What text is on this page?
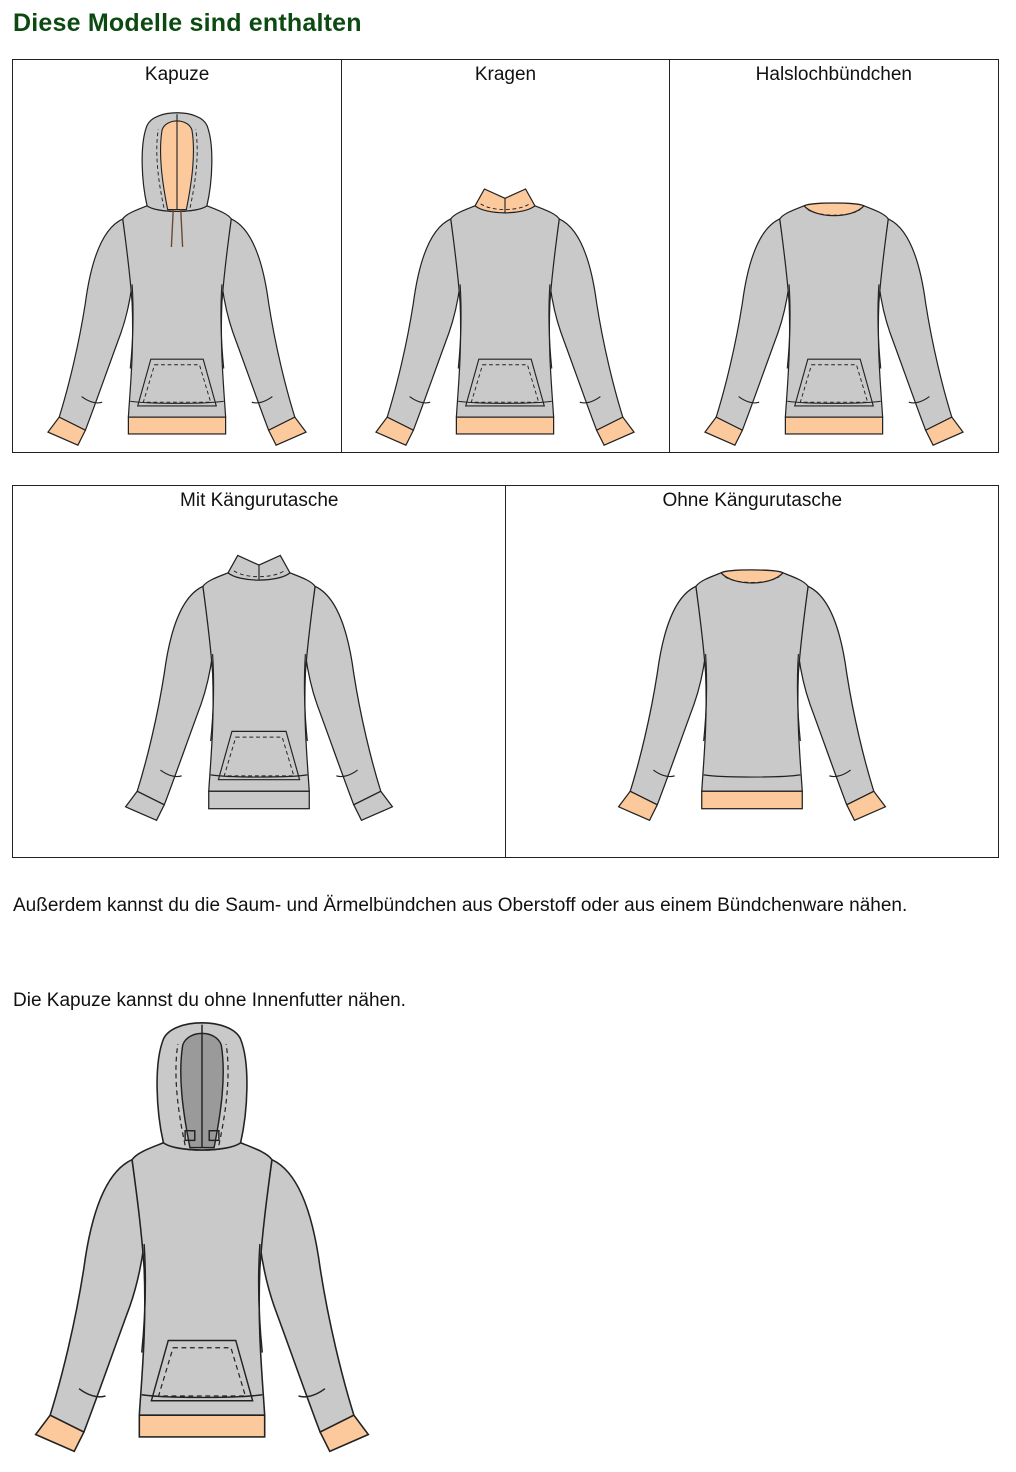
Diese Modelle sind enthalten
Kapuze	Kragen	Halslochbündchen
Mit Kängurutasche	Ohne Kängurutasche
Außerdem kannst du die Saum- und Ärmelbündchen aus Oberstoff oder aus einem Bündchenware nähen.
Die Kapuze kannst du ohne Innenfutter nähen.
